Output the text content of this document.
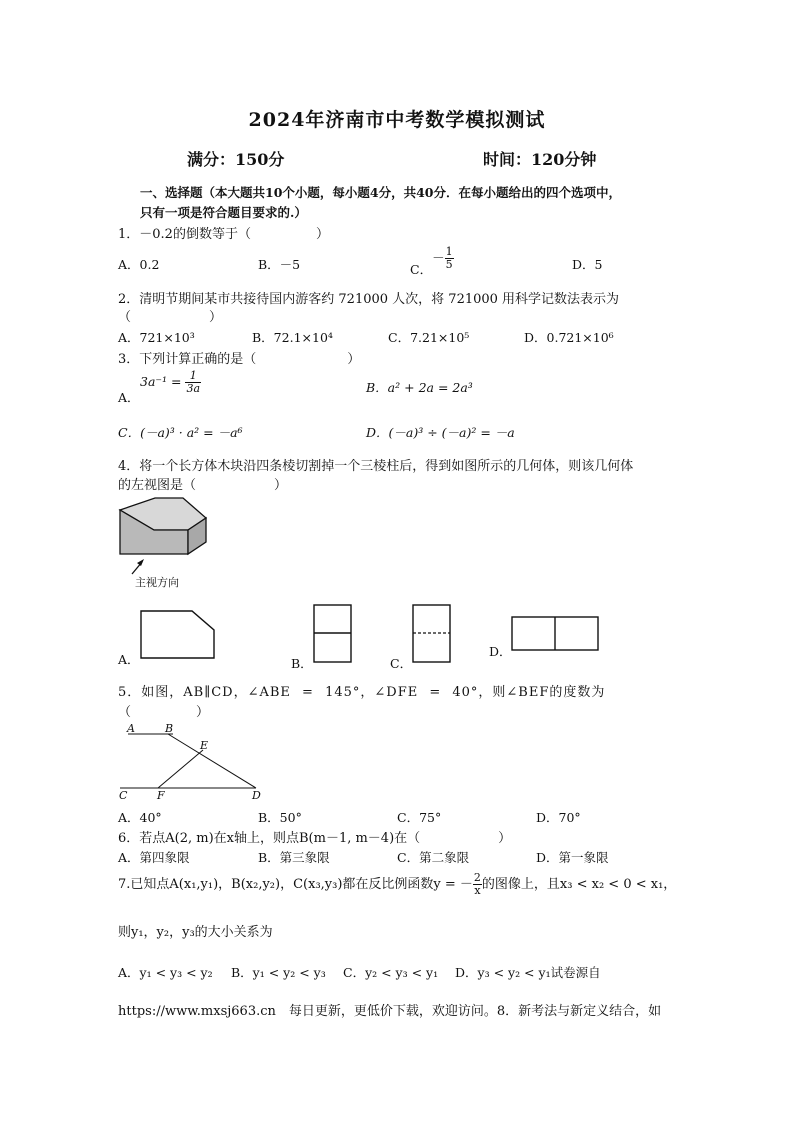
2024年济南市中考数学模拟测试
满分：150分	时间：120分钟
一、选择题（本大题共10个小题，每小题4分，共40分．在每小题给出的四个选项中，
只有一项是符合题目要求的.）
1．－0.2的倒数等于（　　　　　）
A．0.2	B．－5	C．－ $\frac{1}{5}$	D．5
2．清明节期间某市共接待国内游客约 721000 人次，将 721000 用科学记数法表示为
（　　　　　　）
A．721×10³	B．72.1×10⁴	C．7.21×10⁵	D．0.721×10⁶
3．下列计算正确的是（　　　　　　　）
A．
$3a^{-1} = \frac{1}{3a}$	B．a² + 2a = 2a³
C．(－a)³ · a² = －a⁶	D．(－a)³ ÷ (－a)² = －a
4．将一个长方体木块沿四条棱切割掉一个三棱柱后，得到如图所示的几何体，则该几何体
的左视图是（　　　　　　）
主视方向
A．	B．	C．
D．
5．如图，AB∥CD，∠ABE = 145°，∠DFE = 40°，则∠BEF的度数为
（　　　　　）
A	B
E
C	F	D
A．40°	B．50°	C．75°	D．70°
6．若点A(2, m)在x轴上，则点B(m－1, m－4)在（　　　　　　）
A．第四象限	B．第三象限	C．第二象限	D．第一象限
7.已知点A(x₁,y₁)，B(x₂,y₂)，C(x₃,y₃)都在反比例函数y = － $\frac{2}{x}$ 的图像上，且x₃ < x₂ < 0 < x₁，
则y₁，y₂，y₃的大小关系为
A．y₁ < y₃ < y₂ B．y₁ < y₂ < y₃ C．y₂ < y₃ < y₁ D．y₃ < y₂ < y₁试卷源自
https://www.mxsj663.cn　每日更新，更低价下载，欢迎访问。8．新考法与新定义结合，如
